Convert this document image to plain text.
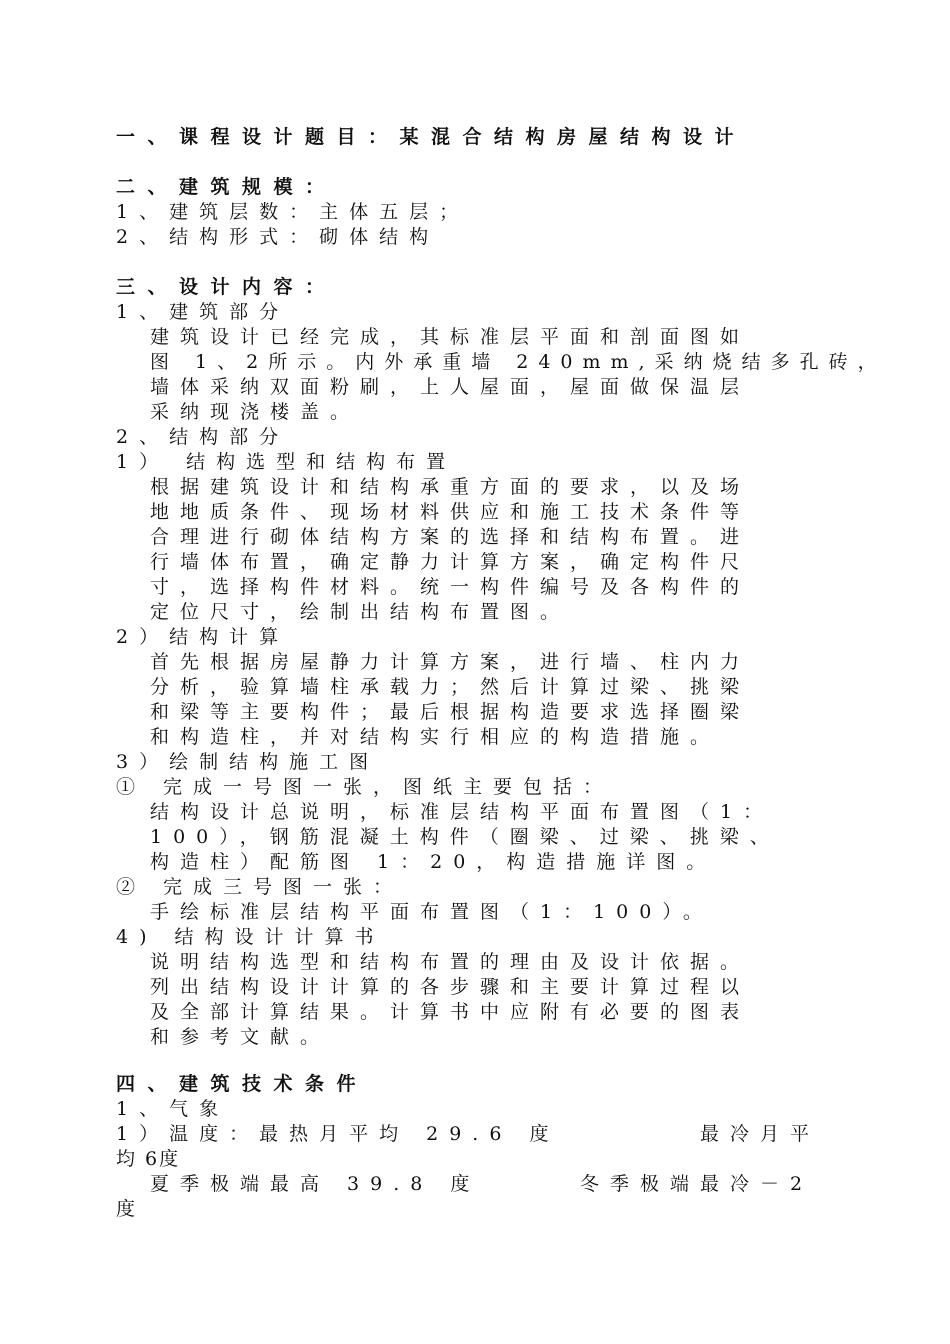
一、课程设计题目：某混合结构房屋结构设计
二、建筑规模：
1、建筑层数：主体五层；
2、结构形式：砌体结构
三、设计内容：
1、建筑部分
建筑设计已经完成，其标准层平面和剖面图如
图 1、2所示。内外承重墙 240mm,采纳烧结多孔砖，
墙体采纳双面粉刷，上人屋面，屋面做保温层
采纳现浇楼盖。
2、结构部分
1） 结构选型和结构布置
根据建筑设计和结构承重方面的要求，以及场
地地质条件、现场材料供应和施工技术条件等
合理进行砌体结构方案的选择和结构布置。进
行墙体布置，确定静力计算方案，确定构件尺
寸，选择构件材料。统一构件编号及各构件的
定位尺寸，绘制出结构布置图。
2）结构计算
首先根据房屋静力计算方案，进行墙、柱内力
分析，验算墙柱承载力；然后计算过梁、挑梁
和梁等主要构件；最后根据构造要求选择圈梁
和构造柱，并对结构实行相应的构造措施。
3）绘制结构施工图
① 完成一号图一张，图纸主要包括：
结构设计总说明，标准层结构平面布置图（1：
100），钢筋混凝土构件（圈梁、过梁、挑梁、
构造柱）配筋图 1：20，构造措施详图。
② 完成三号图一张：
手绘标准层结构平面布置图（1：100）。
4) 结构设计计算书
说明结构选型和结构布置的理由及设计依据。
列出结构设计计算的各步骤和主要计算过程以
及全部计算结果。计算书中应附有必要的图表
和参考文献。
四、建筑技术条件
1、气象
1）温度：最热月平均 29.6 度	最冷月平
均 6度
夏季极端最高 39.8 度	冬季极端最冷－2
度
